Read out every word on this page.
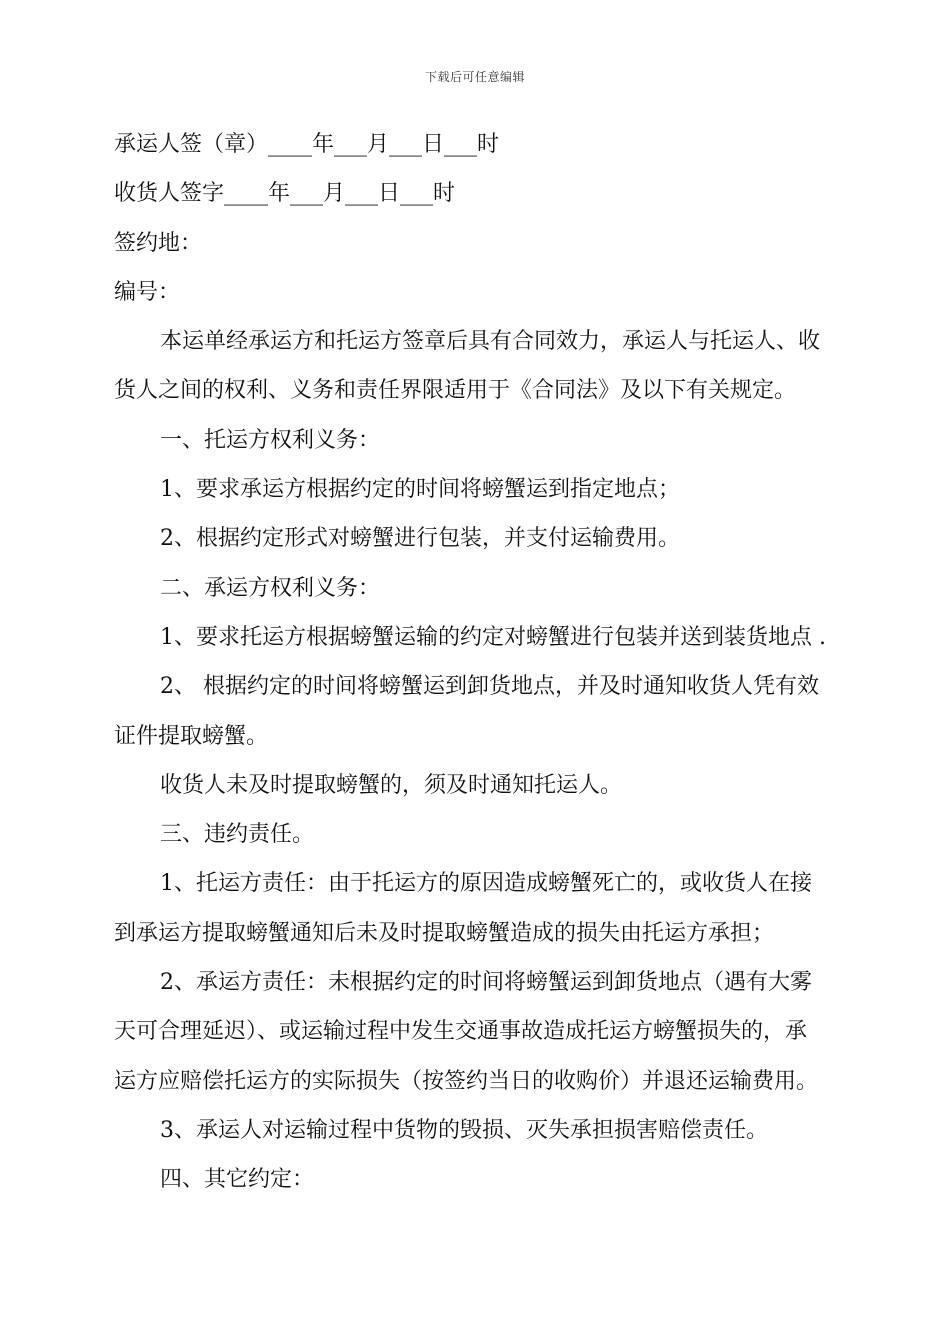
下载后可任意编辑
承运人签（章）____年___月___日___时
收货人签字____年___月___日___时
签约地：
编号：
本运单经承运方和托运方签章后具有合同效力，承运人与托运人、收
货人之间的权利、义务和责任界限适用于《合同法》及以下有关规定。
一、托运方权利义务：
1、要求承运方根据约定的时间将螃蟹运到指定地点；
2、根据约定形式对螃蟹进行包装，并支付运输费用。
二、承运方权利义务：
1、要求托运方根据螃蟹运输的约定对螃蟹进行包装并送到装货地点 .
2、 根据约定的时间将螃蟹运到卸货地点，并及时通知收货人凭有效
证件提取螃蟹。
收货人未及时提取螃蟹的，须及时通知托运人。
三、违约责任。
1、托运方责任：由于托运方的原因造成螃蟹死亡的，或收货人在接
到承运方提取螃蟹通知后未及时提取螃蟹造成的损失由托运方承担；
2、承运方责任：未根据约定的时间将螃蟹运到卸货地点（遇有大雾
天可合理延迟）、或运输过程中发生交通事故造成托运方螃蟹损失的，承
运方应赔偿托运方的实际损失（按签约当日的收购价）并退还运输费用。
3、承运人对运输过程中货物的毁损、灭失承担损害赔偿责任。
四、其它约定：
